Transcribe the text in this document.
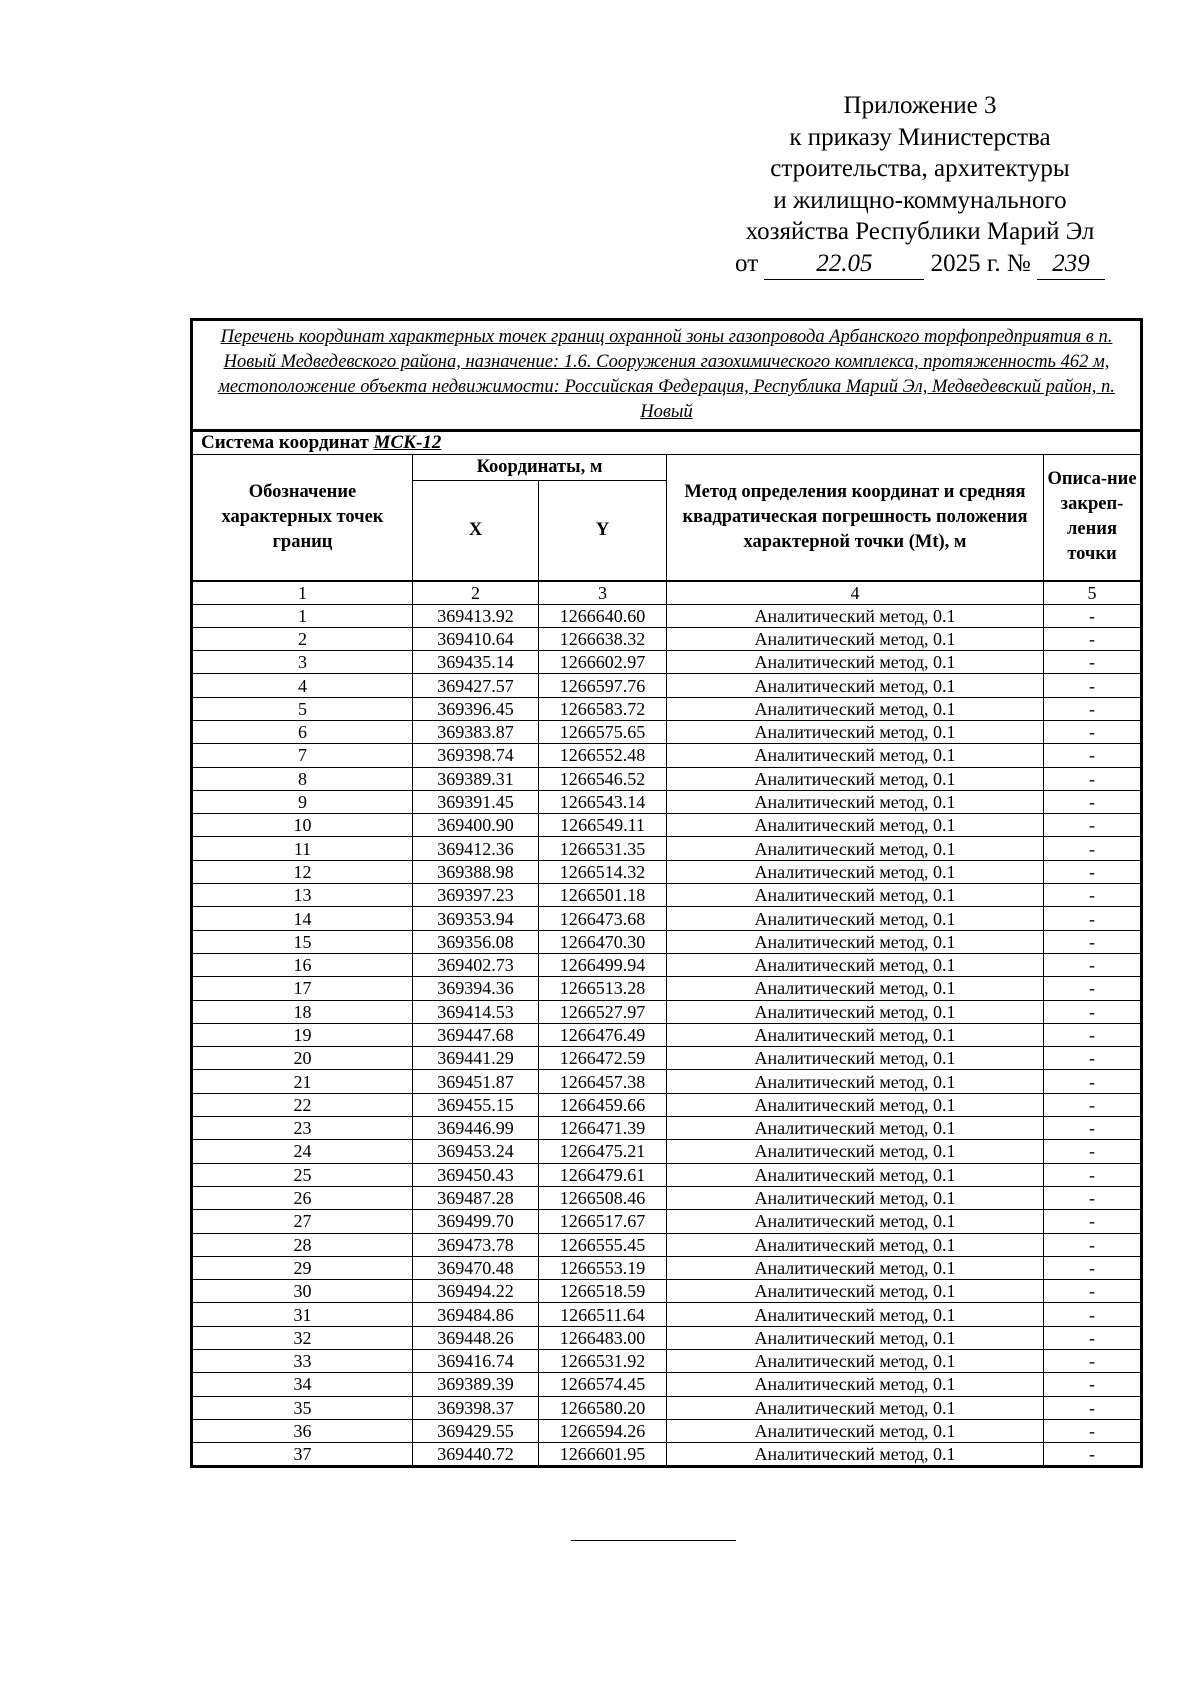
Приложение 3
к приказу Министерства
строительства, архитектуры
и жилищно-коммунального
хозяйства Республики Марий Эл
от 22.05 2025 г. № 239
Перечень координат характерных точек границ охранной зоны газопровода Арбанского торфопредприятия в п. Новый Медведевского района, назначение: 1.6. Сооружения газохимического комплекса, протяженность 462 м, местоположение объекта недвижимости: Российская Федерация, Республика Марий Эл, Медведевский район, п. Новый				
Система координат МСК-12				
Обозначение характерных точек границ	Координаты, м		Метод определения координат и средняя квадратическая погрешность положения характерной точки (Mt), м	Описа-ние закреп-ления точки
	X	Y		
1	2	3	4	5
1	369413.92	1266640.60	Аналитический метод, 0.1	-
2	369410.64	1266638.32	Аналитический метод, 0.1	-
3	369435.14	1266602.97	Аналитический метод, 0.1	-
4	369427.57	1266597.76	Аналитический метод, 0.1	-
5	369396.45	1266583.72	Аналитический метод, 0.1	-
6	369383.87	1266575.65	Аналитический метод, 0.1	-
7	369398.74	1266552.48	Аналитический метод, 0.1	-
8	369389.31	1266546.52	Аналитический метод, 0.1	-
9	369391.45	1266543.14	Аналитический метод, 0.1	-
10	369400.90	1266549.11	Аналитический метод, 0.1	-
11	369412.36	1266531.35	Аналитический метод, 0.1	-
12	369388.98	1266514.32	Аналитический метод, 0.1	-
13	369397.23	1266501.18	Аналитический метод, 0.1	-
14	369353.94	1266473.68	Аналитический метод, 0.1	-
15	369356.08	1266470.30	Аналитический метод, 0.1	-
16	369402.73	1266499.94	Аналитический метод, 0.1	-
17	369394.36	1266513.28	Аналитический метод, 0.1	-
18	369414.53	1266527.97	Аналитический метод, 0.1	-
19	369447.68	1266476.49	Аналитический метод, 0.1	-
20	369441.29	1266472.59	Аналитический метод, 0.1	-
21	369451.87	1266457.38	Аналитический метод, 0.1	-
22	369455.15	1266459.66	Аналитический метод, 0.1	-
23	369446.99	1266471.39	Аналитический метод, 0.1	-
24	369453.24	1266475.21	Аналитический метод, 0.1	-
25	369450.43	1266479.61	Аналитический метод, 0.1	-
26	369487.28	1266508.46	Аналитический метод, 0.1	-
27	369499.70	1266517.67	Аналитический метод, 0.1	-
28	369473.78	1266555.45	Аналитический метод, 0.1	-
29	369470.48	1266553.19	Аналитический метод, 0.1	-
30	369494.22	1266518.59	Аналитический метод, 0.1	-
31	369484.86	1266511.64	Аналитический метод, 0.1	-
32	369448.26	1266483.00	Аналитический метод, 0.1	-
33	369416.74	1266531.92	Аналитический метод, 0.1	-
34	369389.39	1266574.45	Аналитический метод, 0.1	-
35	369398.37	1266580.20	Аналитический метод, 0.1	-
36	369429.55	1266594.26	Аналитический метод, 0.1	-
37	369440.72	1266601.95	Аналитический метод, 0.1	-
